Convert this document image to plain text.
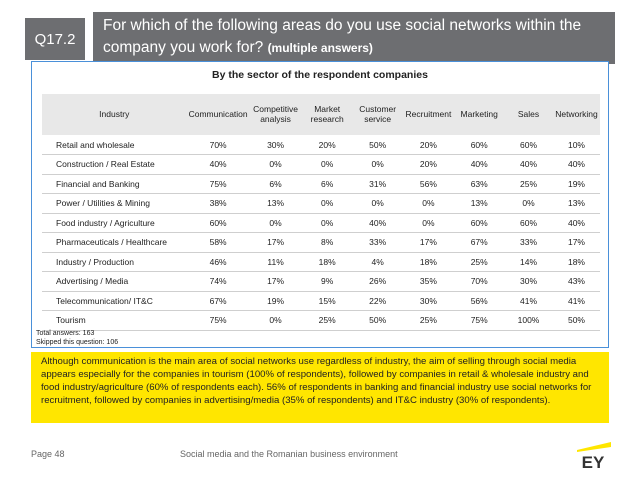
Q17.2
For which of the following areas do you use social networks within the company you work for? (multiple answers)
By the sector of the respondent companies
Industry	Communication	Competitive analysis	Market research	Customer service	Recruitment	Marketing	Sales	Networking
Retail and wholesale	70%	30%	20%	50%	20%	60%	60%	10%
Construction / Real Estate	40%	0%	0%	0%	20%	40%	40%	40%
Financial and Banking	75%	6%	6%	31%	56%	63%	25%	19%
Power / Utilities & Mining	38%	13%	0%	0%	0%	13%	0%	13%
Food industry / Agriculture	60%	0%	0%	40%	0%	60%	60%	40%
Pharmaceuticals / Healthcare	58%	17%	8%	33%	17%	67%	33%	17%
Industry / Production	46%	11%	18%	4%	18%	25%	14%	18%
Advertising / Media	74%	17%	9%	26%	35%	70%	30%	43%
Telecommunication/ IT&C	67%	19%	15%	22%	30%	56%	41%	41%
Tourism	75%	0%	25%	50%	25%	75%	100%	50%
Total answers: 163
Skipped this question: 106
Although communication is the main area of social networks use regardless of industry, the aim of selling through social media appears especially for the companies in tourism (100% of respondents), followed by companies in retail & wholesale industry and food industry/agriculture (60% of respondents each). 56% of respondents in banking and financial industry use social networks for recruitment, followed by companies in advertising/media (35% of respondents) and IT&C industry (30% of respondents).
Page 48	Social media and the Romanian business environment	EY
